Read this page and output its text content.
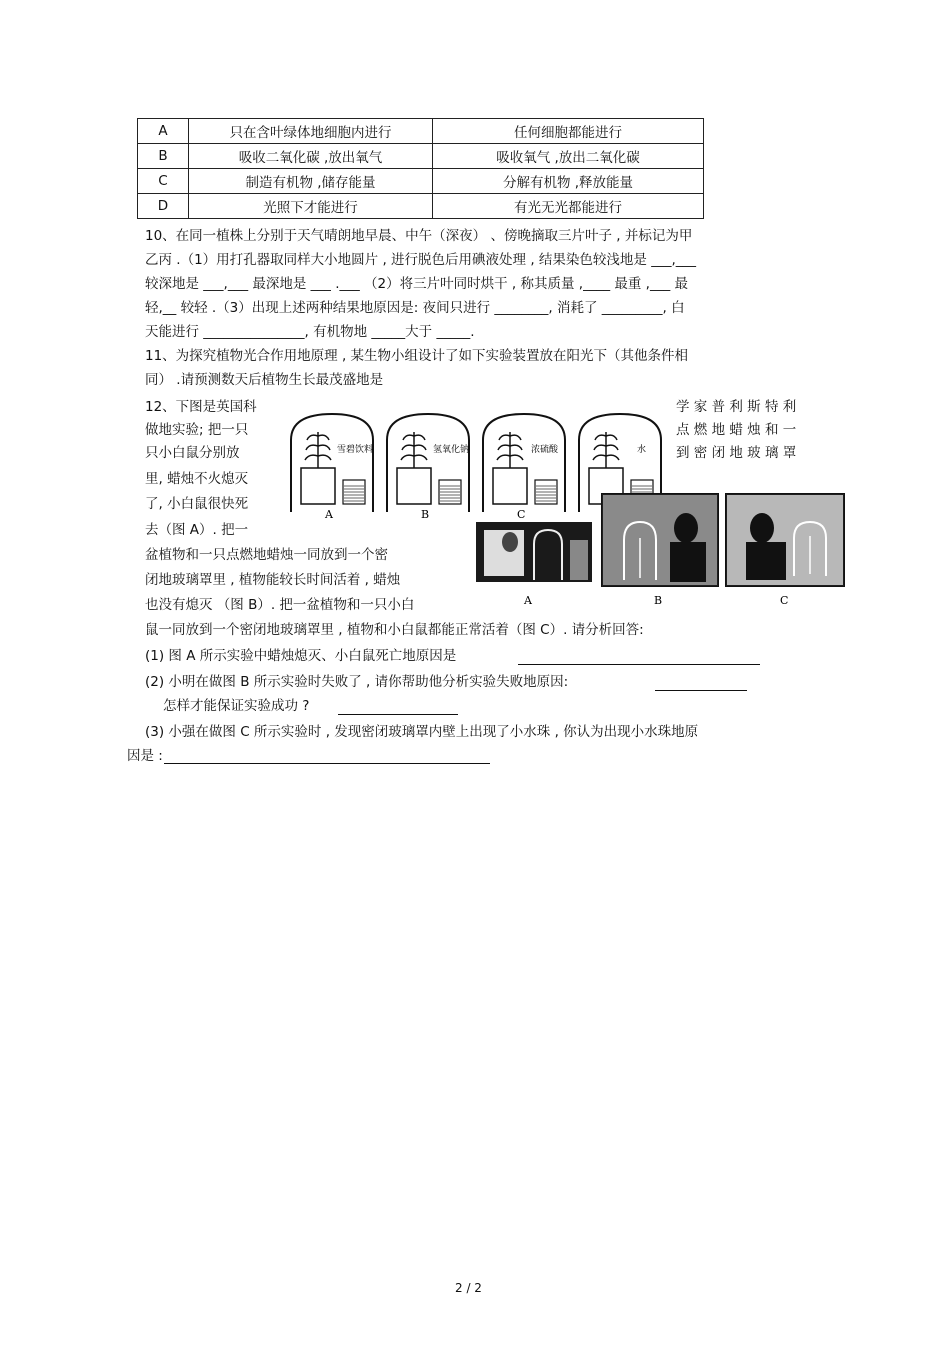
A	只在含叶绿体地细胞内进行	任何细胞都能进行
B	吸收二氧化碳 ,放出氧气	吸收氧气 ,放出二氧化碳
C	制造有机物 ,储存能量	分解有机物 ,释放能量
D	光照下才能进行	有光无光都能进行
10、在同一植株上分别于天气晴朗地早晨、中午（深夜） 、傍晚摘取三片叶子 , 并标记为甲
乙丙 .（1）用打孔器取同样大小地圆片 , 进行脱色后用碘液处理 , 结果染色较浅地是 ___,___
较深地是 ___,___ 最深地是 ___ .___ （2）将三片叶同时烘干 , 称其质量 ,____ 最重 ,___ 最
轻,__ 较轻 .（3）出现上述两种结果地原因是: 夜间只进行 ________, 消耗了 _________, 白
天能进行 _______________, 有机物地 _____大于 _____.
11、为探究植物光合作用地原理 , 某生物小组设计了如下实验装置放在阳光下（其他条件相
同） .请预测数天后植物生长最茂盛地是
12、下图是英国科
做地实验; 把一只
只小白鼠分别放
里, 蜡烛不火熄灭
了, 小白鼠很快死
去（图 A）. 把一
学 家 普 利 斯 特 利
点 燃 地 蜡 烛 和 一
到 密 闭 地 玻 璃 罩
雪碧饮料
A
氢氧化钠
B
浓硫酸
C
水
A	B	C
盆植物和一只点燃地蜡烛一同放到一个密
闭地玻璃罩里 , 植物能较长时间活着 , 蜡烛
也没有熄灭 （图 B）. 把一盆植物和一只小白
鼠一同放到一个密闭地玻璃罩里 , 植物和小白鼠都能正常活着（图 C）. 请分析回答:
(1) 图 A 所示实验中蜡烛熄灭、小白鼠死亡地原因是
(2) 小明在做图 B 所示实验时失败了 , 请你帮助他分析实验失败地原因:
怎样才能保证实验成功 ?
(3) 小强在做图 C 所示实验时 , 发现密闭玻璃罩内壁上出现了小水珠 , 你认为出现小水珠地原
因是 :
2 / 2
